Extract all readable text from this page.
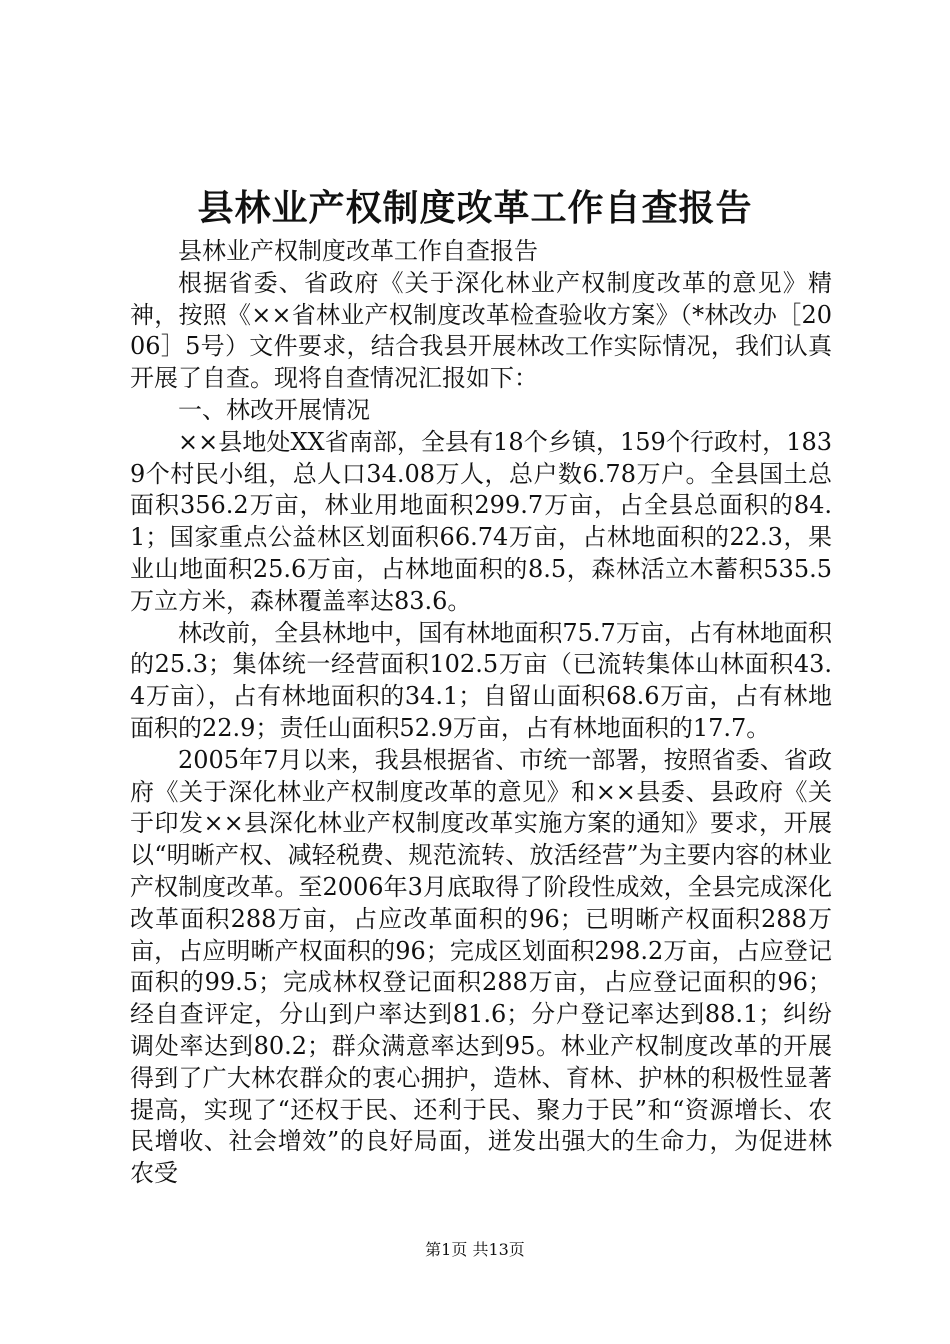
县林业产权制度改革工作自查报告

县林业产权制度改革工作自查报告

根据省委、省政府《关于深化林业产权制度改革的意见》精神，按照《××省林业产权制度改革检查验收方案》（*林改办［2006］5号）文件要求，结合我县开展林改工作实际情况，我们认真开展了自查。现将自查情况汇报如下：

一、林改开展情况

××县地处XX省南部，全县有18个乡镇，159个行政村，1839个村民小组，总人口34.08万人，总户数6.78万户。全县国土总面积356.2万亩，林业用地面积299.7万亩，占全县总面积的84.1；国家重点公益林区划面积66.74万亩，占林地面积的22.3，果业山地面积25.6万亩，占林地面积的8.5，森林活立木蓄积535.5万立方米，森林覆盖率达83.6。

林改前，全县林地中，国有林地面积75.7万亩，占有林地面积的25.3；集体统一经营面积102.5万亩（已流转集体山林面积43.4万亩），占有林地面积的34.1；自留山面积68.6万亩，占有林地面积的22.9；责任山面积52.9万亩，占有林地面积的17.7。

2005年7月以来，我县根据省、市统一部署，按照省委、省政府《关于深化林业产权制度改革的意见》和××县委、县政府《关于印发××县深化林业产权制度改革实施方案的通知》要求，开展以“明晰产权、减轻税费、规范流转、放活经营”为主要内容的林业产权制度改革。至2006年3月底取得了阶段性成效，全县完成深化改革面积288万亩，占应改革面积的96；已明晰产权面积288万亩，占应明晰产权面积的96；完成区划面积298.2万亩，占应登记面积的99.5；完成林权登记面积288万亩，占应登记面积的96；经自查评定，分山到户率达到81.6；分户登记率达到88.1；纠纷调处率达到80.2；群众满意率达到95。林业产权制度改革的开展得到了广大林农群众的衷心拥护，造林、育林、护林的积极性显著提高，实现了“还权于民、还利于民、聚力于民”和“资源增长、农民增收、社会增效”的良好局面，迸发出强大的生命力，为促进林农受

第1页 共13页
